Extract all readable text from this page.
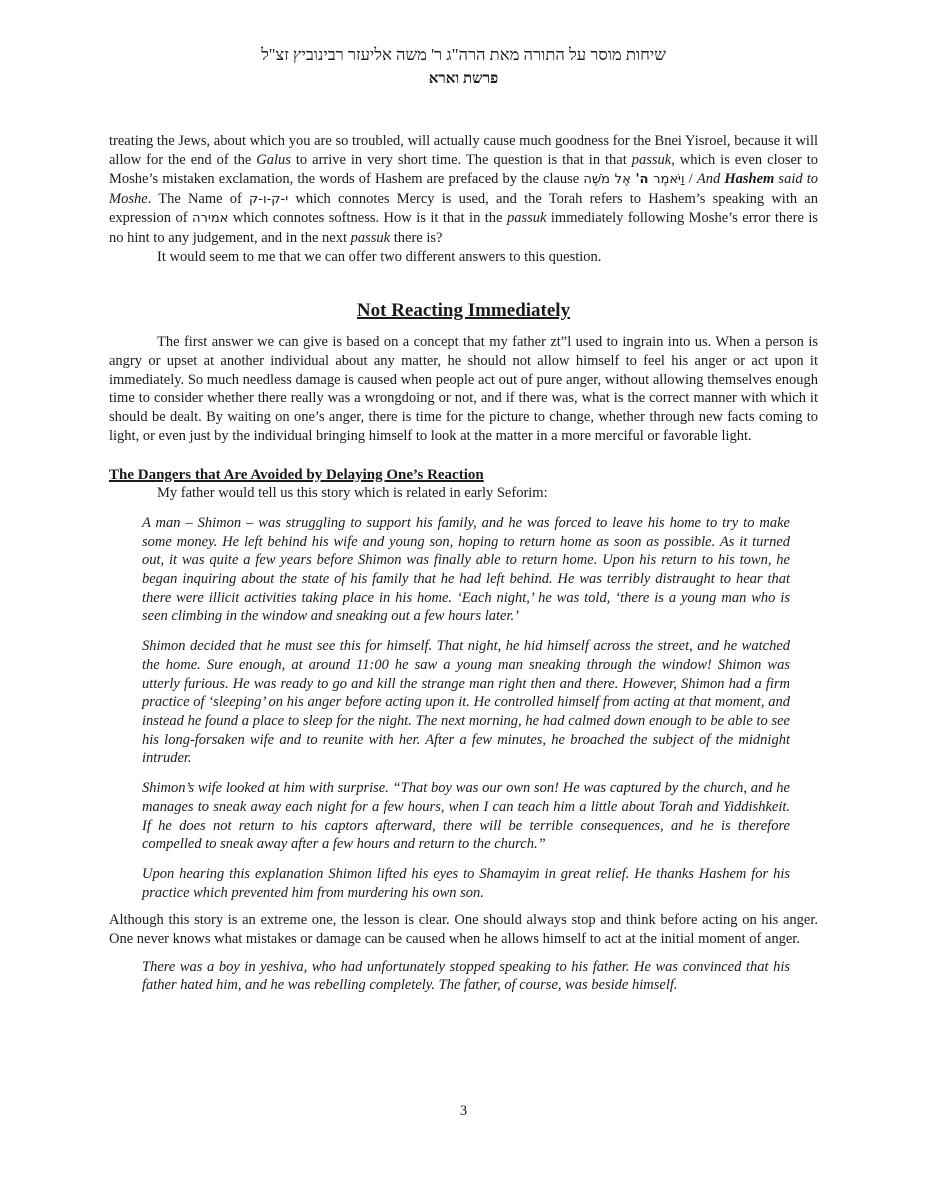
שיחות מוסר על התורה מאת הרה"ג ר' משה אליעזר רבינוביץ זצ"ל
פרשת וארא

treating the Jews, about which you are so troubled, will actually cause much goodness for the Bnei Yisroel, because it will allow for the end of the Galus to arrive in very short time. The question is that in that passuk, which is even closer to Moshe’s mistaken exclamation, the words of Hashem are prefaced by the clause	וַיֹּאמֶר ה' אֶל מֹשֶׁה	/ And Hashem said to Moshe. The Name of י-ק-ו-ק which connotes Mercy is used, and the Torah refers to Hashem’s speaking with an expression of אמירה which connotes softness. How is it that in the passuk immediately following Moshe’s error there is no hint to any judgement, and in the next passuk there is?

It would seem to me that we can offer two different answers to this question.

Not Reacting Immediately

The first answer we can give is based on a concept that my father zt”l used to ingrain into us. When a person is angry or upset at another individual about any matter, he should not allow himself to feel his anger or act upon it immediately. So much needless damage is caused when people act out of pure anger, without allowing themselves enough time to consider whether there really was a wrongdoing or not, and if there was, what is the correct manner with which it should be dealt. By waiting on one’s anger, there is time for the picture to change, whether through new facts coming to light, or even just by the individual bringing himself to look at the matter in a more merciful or favorable light.

The Dangers that Are Avoided by Delaying One’s Reaction

My father would tell us this story which is related in early Seforim:

A man – Shimon – was struggling to support his family, and he was forced to leave his home to try to make some money. He left behind his wife and young son, hoping to return home as soon as possible. As it turned out, it was quite a few years before Shimon was finally able to return home. Upon his return to his town, he began inquiring about the state of his family that he had left behind. He was terribly distraught to hear that there were illicit activities taking place in his home. ‘Each night,’ he was told, ‘there is a young man who is seen climbing in the window and sneaking out a few hours later.’

Shimon decided that he must see this for himself. That night, he hid himself across the street, and he watched the home. Sure enough, at around 11:00 he saw a young man sneaking through the window! Shimon was utterly furious. He was ready to go and kill the strange man right then and there. However, Shimon had a firm practice of ‘sleeping’ on his anger before acting upon it. He controlled himself from acting at that moment, and instead he found a place to sleep for the night. The next morning, he had calmed down enough to be able to see his long-forsaken wife and to reunite with her. After a few minutes, he broached the subject of the midnight intruder.

Shimon’s wife looked at him with surprise. “That boy was our own son! He was captured by the church, and he manages to sneak away each night for a few hours, when I can teach him a little about Torah and Yiddishkeit. If he does not return to his captors afterward, there will be terrible consequences, and he is therefore compelled to sneak away after a few hours and return to the church.”

Upon hearing this explanation Shimon lifted his eyes to Shamayim in great relief. He thanks Hashem for his practice which prevented him from murdering his own son.

Although this story is an extreme one, the lesson is clear. One should always stop and think before acting on his anger. One never knows what mistakes or damage can be caused when he allows himself to act at the initial moment of anger.

There was a boy in yeshiva, who had unfortunately stopped speaking to his father. He was convinced that his father hated him, and he was rebelling completely. The father, of course, was beside himself.

3
